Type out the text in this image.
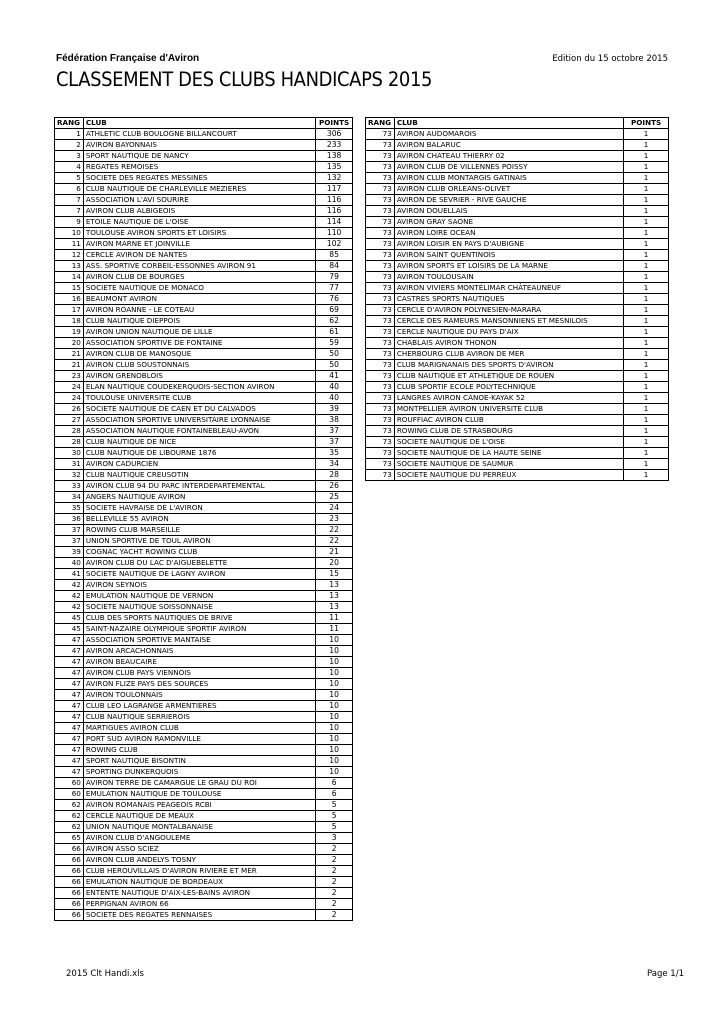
Fédération Française d'Aviron	Edition du 15 octobre 2015
CLASSEMENT DES CLUBS HANDICAPS 2015
RANG	CLUB	POINTS
1	ATHLETIC CLUB BOULOGNE BILLANCOURT	306
2	AVIRON BAYONNAIS	233
3	SPORT NAUTIQUE DE NANCY	138
4	REGATES REMOISES	135
5	SOCIETE DES REGATES MESSINES	132
6	CLUB NAUTIQUE DE CHARLEVILLE MEZIERES	117
7	ASSOCIATION L'AVI SOURIRE	116
7	AVIRON CLUB ALBIGEOIS	116
9	ETOILE NAUTIQUE DE L'OISE	114
10	TOULOUSE AVIRON SPORTS ET LOISIRS	110
11	AVIRON MARNE ET JOINVILLE	102
12	CERCLE AVIRON DE NANTES	85
13	ASS. SPORTIVE CORBEIL-ESSONNES AVIRON 91	84
14	AVIRON CLUB DE BOURGES	79
15	SOCIETE NAUTIQUE DE MONACO	77
16	BEAUMONT AVIRON	76
17	AVIRON ROANNE - LE COTEAU	69
18	CLUB NAUTIQUE DIEPPOIS	62
19	AVIRON UNION NAUTIQUE DE LILLE	61
20	ASSOCIATION SPORTIVE DE FONTAINE	59
21	AVIRON CLUB DE MANOSQUE	50
21	AVIRON CLUB SOUSTONNAIS	50
23	AVIRON GRENOBLOIS	41
24	ELAN NAUTIQUE COUDEKERQUOIS-SECTION AVIRON	40
24	TOULOUSE UNIVERSITE CLUB	40
26	SOCIETE NAUTIQUE DE CAEN ET DU CALVADOS	39
27	ASSOCIATION SPORTIVE UNIVERSITAIRE LYONNAISE	38
28	ASSOCIATION NAUTIQUE FONTAINEBLEAU-AVON	37
28	CLUB NAUTIQUE DE NICE	37
30	CLUB NAUTIQUE DE LIBOURNE 1876	35
31	AVIRON CADURCIEN	34
32	CLUB NAUTIQUE CREUSOTIN	28
33	AVIRON CLUB 94 DU PARC INTERDEPARTEMENTAL	26
34	ANGERS NAUTIQUE AVIRON	25
35	SOCIETE HAVRAISE DE L'AVIRON	24
36	BELLEVILLE 55 AVIRON	23
37	ROWING CLUB MARSEILLE	22
37	UNION SPORTIVE DE TOUL AVIRON	22
39	COGNAC YACHT ROWING CLUB	21
40	AVIRON CLUB DU LAC D'AIGUEBELETTE	20
41	SOCIETE NAUTIQUE DE LAGNY AVIRON	15
42	AVIRON SEYNOIS	13
42	EMULATION NAUTIQUE DE VERNON	13
42	SOCIETE NAUTIQUE SOISSONNAISE	13
45	CLUB DES SPORTS NAUTIQUES DE BRIVE	11
45	SAINT-NAZAIRE OLYMPIQUE SPORTIF AVIRON	11
47	ASSOCIATION SPORTIVE MANTAISE	10
47	AVIRON ARCACHONNAIS	10
47	AVIRON BEAUCAIRE	10
47	AVIRON CLUB PAYS VIENNOIS	10
47	AVIRON FLIZE PAYS DES SOURCES	10
47	AVIRON TOULONNAIS	10
47	CLUB LEO LAGRANGE ARMENTIERES	10
47	CLUB NAUTIQUE SERRIEROIS	10
47	MARTIGUES AVIRON CLUB	10
47	PORT SUD AVIRON RAMONVILLE	10
47	ROWING CLUB	10
47	SPORT NAUTIQUE BISONTIN	10
47	SPORTING DUNKERQUOIS	10
60	AVIRON TERRE DE CAMARGUE LE GRAU DU ROI	6
60	EMULATION NAUTIQUE DE TOULOUSE	6
62	AVIRON ROMANAIS PEAGEOIS RCBI	5
62	CERCLE NAUTIQUE DE MEAUX	5
62	UNION NAUTIQUE MONTALBANAISE	5
65	AVIRON CLUB D'ANGOULEME	3
66	AVIRON ASSO SCIEZ	2
66	AVIRON CLUB ANDELYS TOSNY	2
66	CLUB HEROUVILLAIS D'AVIRON RIVIERE ET MER	2
66	EMULATION NAUTIQUE DE BORDEAUX	2
66	ENTENTE NAUTIQUE D'AIX-LES-BAINS AVIRON	2
66	PERPIGNAN AVIRON 66	2
66	SOCIETE DES REGATES RENNAISES	2
RANG	CLUB	POINTS
73	AVIRON AUDOMAROIS	1
73	AVIRON BALARUC	1
73	AVIRON CHATEAU THIERRY 02	1
73	AVIRON CLUB DE VILLENNES POISSY	1
73	AVIRON CLUB MONTARGIS GATINAIS	1
73	AVIRON CLUB ORLEANS-OLIVET	1
73	AVIRON DE SEVRIER - RIVE GAUCHE	1
73	AVIRON DOUELLAIS	1
73	AVIRON GRAY SAONE	1
73	AVIRON LOIRE OCEAN	1
73	AVIRON LOISIR EN PAYS D'AUBIGNE	1
73	AVIRON SAINT QUENTINOIS	1
73	AVIRON SPORTS ET LOISIRS DE LA MARNE	1
73	AVIRON TOULOUSAIN	1
73	AVIRON VIVIERS MONTÉLIMAR CHÂTEAUNEUF	1
73	CASTRES SPORTS NAUTIQUES	1
73	CERCLE D'AVIRON POLYNESIEN-MARARA	1
73	CERCLE DES RAMEURS MANSONNIENS ET MESNILOIS	1
73	CERCLE NAUTIQUE DU PAYS D'AIX	1
73	CHABLAIS AVIRON THONON	1
73	CHERBOURG CLUB AVIRON DE MER	1
73	CLUB MARIGNANAIS DES SPORTS D'AVIRON	1
73	CLUB NAUTIQUE ET ATHLETIQUE DE ROUEN	1
73	CLUB SPORTIF ECOLE POLYTECHNIQUE	1
73	LANGRES AVIRON CANOE-KAYAK 52	1
73	MONTPELLIER AVIRON UNIVERSITÉ CLUB	1
73	ROUFFIAC AVIRON CLUB	1
73	ROWING CLUB DE STRASBOURG	1
73	SOCIETE NAUTIQUE DE L'OISE	1
73	SOCIETE NAUTIQUE DE LA HAUTE SEINE	1
73	SOCIETE NAUTIQUE DE SAUMUR	1
73	SOCIETE NAUTIQUE DU PERREUX	1
2015 Clt Handi.xls	Page 1/1
